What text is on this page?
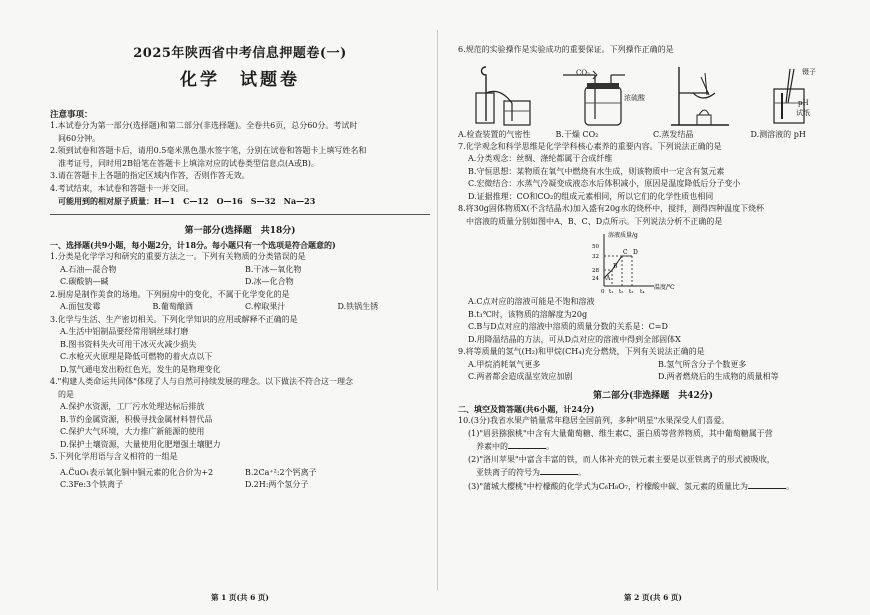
2025年陕西省中考信息押题卷(一)
化学　试题卷
注意事项：
1.本试卷分为第一部分(选择题)和第二部分(非选择题)。全卷共6页，总分60分。考试时
　间60分钟。
2.领到试卷和答题卡后，请用0.5毫米黑色墨水签字笔，分别在试卷和答题卡上填写姓名和
　准考证号，同时用2B铅笔在答题卡上填涂对应的试卷类型信息点(A或B)。
3.请在答题卡上各题的指定区域内作答，否则作答无效。
4.考试结束，本试卷和答题卡一并交回。
　可能用到的相对原子质量：H—1　C—12　O—16　S—32　Na—23
第一部分(选择题　共18分)
一、选择题(共9小题，每小题2分，计18分。每小题只有一个选项是符合题意的)
1.分类是化学学习和研究的重要方法之一。下列有关物质的分类错误的是
A.石油—混合物	B.干冰—氧化物
C.碳酸钠—碱	D.冰—化合物
2.厨房是制作美食的场地。下列厨房中的变化，不属于化学变化的是
A.面包发霉	B.葡萄酿酒	C.榨取果汁	D.铁锅生锈
3.化学与生活、生产密切相关。下列化学知识的应用或解释不正确的是
A.生活中铝制品要经常用钢丝球打磨
B.图书资料失火可用干冰灭火减少损失
C.水枪灭火原理是降低可燃物的着火点以下
D.氖气通电发出粉红色光，发生的是物理变化
4."构建人类命运共同体"体现了人与自然可持续发展的理念。以下做法不符合这一理念
　的是
A.保护水资源，工厂污水处理达标后排放
B.节约金属资源，积极寻找金属材料替代品
C.保护大气环境，大力推广新能源的使用
D.保护土壤资源，大量使用化肥增强土壤肥力
5.下列化学用语与含义相符的一组是
A.C̈uO₁表示氧化铜中铜元素的化合价为+2	B.2Ca⁺²:2个钙离子
C.3Fe:3个铁离子	D.2H:两个氢分子
第 1 页(共 6 页)
6.规范的实验操作是实验成功的重要保证。下列操作正确的是
CO₂
浓硫酸
镊子
pH
试纸
A.检查装置的气密性	B.干燥 CO₂	C.蒸发结晶	D.测溶液的 pH
7.化学观念和科学思维是化学学科核心素养的重要内容。下列说法正确的是
A.分类观念：丝绸、涤纶都属于合成纤维
B.守恒思想：某物质在氧气中燃烧有水生成，则该物质中一定含有氢元素
C.宏微结合：水蒸气冷凝变成液态水后体积减小，原因是温度降低后分子变小
D.证据推理：CO和CO₂的组成元素相同，所以它们的化学性质也相同
8.将30g固体物质X(不含结晶水)加入盛有20g水的烧杯中，搅拌，测得四种温度下烧杯
　中溶液的质量分别如图中A、B、C、D点所示。下列说法分析不正确的是
A
B
C D
溶液质量/g
50
32
28
24
0 t₁ t₂ t₃ t₄
温度/℃
A.C点对应的溶液可能是不饱和溶液
B.t₁℃时，该物质的溶解度为20g
C.B与D点对应的溶液中溶质的质量分数的关系是：C=D
D.用降温结晶的方法，可从D点对应的溶液中得到全部固体X
9.将等质量的氢气(H₂)和甲烷(CH₄)充分燃烧，下列有关说法正确的是
A.甲烷消耗氧气更多	B.氢气所含分子个数更多
C.两者都会造成温室效应加剧	D.两者燃烧后的生成物的质量相等
第二部分(非选择题　共42分)
二、填空及简答题(共6小题，计24分)
10.(3分)我省水果产销量常年稳居全国前列，多种"明星"水果深受人们喜爱。
(1)"眉县猕猴桃"中含有大量葡萄糖、维生素C、蛋白质等营养物质，其中葡萄糖属于营
　养素中的	。
(2)"洛川苹果"中富含丰富的铁，而人体补充的铁元素主要是以亚铁离子的形式被吸收，
　亚铁离子的符号为	。
(3)"蒲城大樱桃"中柠檬酸的化学式为C₆H₈O₇，柠檬酸中碳、氢元素的质量比为	。
第 2 页(共 6 页)
